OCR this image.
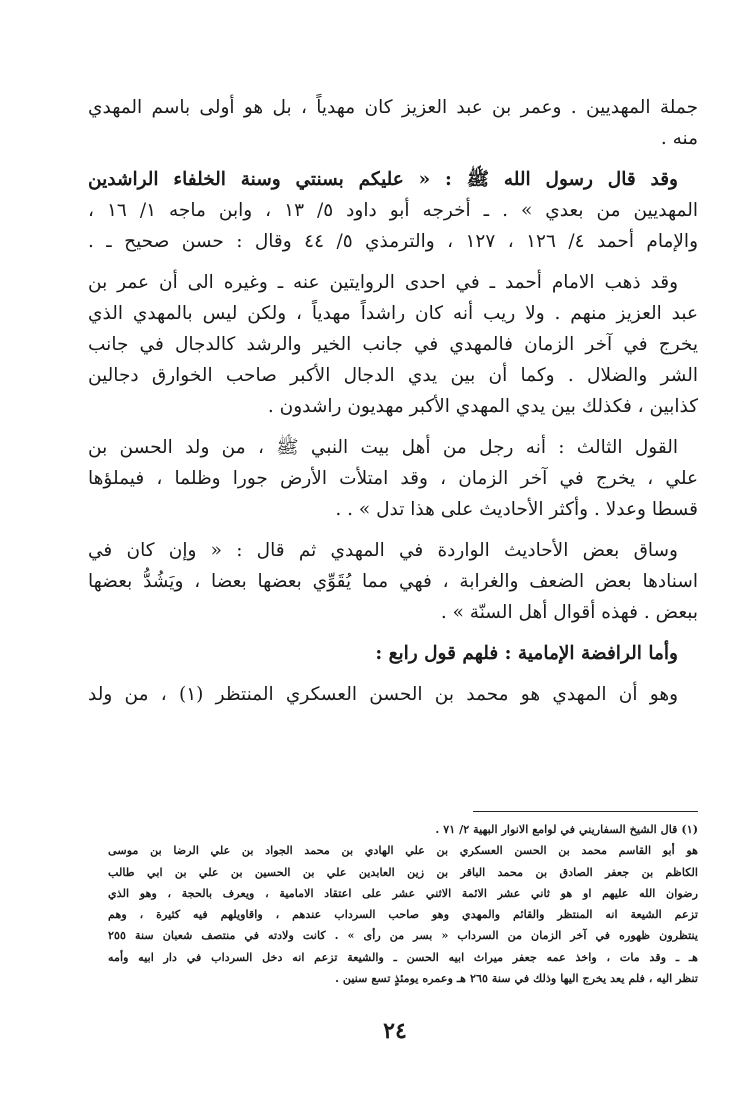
جملة المهديين . وعمر بن عبد العزيز كان مهدياً ، بل هو أولى باسم المهدي
منه .
وقد قال رسول الله ﷺ : « عليكم بسنتي وسنة الخلفاء الراشدين
المهديين من بعدي » . ـ أخرجه أبو داود ٥/ ١٣ ، وابن ماجه ١/ ١٦ ،
والإمام أحمد ٤/ ١٢٦ ، ١٢٧ ، والترمذي ٥/ ٤٤ وقال : حسن صحيح ـ .
وقد ذهب الامام أحمد ـ في احدى الروايتين عنه ـ وغيره الى أن عمر بن
عبد العزيز منهم . ولا ريب أنه كان راشداً مهدياً ، ولكن ليس بالمهدي الذي
يخرج في آخر الزمان فالمهدي في جانب الخير والرشد كالدجال في جانب
الشر والضلال . وكما أن بين يدي الدجال الأكبر صاحب الخوارق دجالين
كذابين ، فكذلك بين يدي المهدي الأكبر مهديون راشدون .
القول الثالث : أنه رجل من أهل بيت النبي ﷺ ، من ولد الحسن بن
علي ، يخرج في آخر الزمان ، وقد امتلأت الأرض جورا وظلما ، فيملؤها
قسطا وعدلا . وأكثر الأحاديث على هذا تدل » . .
وساق بعض الأحاديث الواردة في المهدي ثم قال : « وإن كان في
اسنادها بعض الضعف والغرابة ، فهي مما يُقَوِّي بعضها بعضا ، ويَشُدُّ بعضها
ببعض . فهذه أقوال أهل السنّة » .
وأما الرافضة الإمامية : فلهم قول رابع :
وهو أن المهدي هو محمد بن الحسن العسكري المنتظر (١) ، من ولد
(١) قال الشيخ السفاريني في لوامع الانوار البهية ٢/ ٧١ .
هو أبو القاسم محمد بن الحسن العسكري بن علي الهادي بن محمد الجواد بن علي الرضا بن موسى
الكاظم بن جعفر الصادق بن محمد الباقر بن زين العابدين علي بن الحسين بن علي بن ابي طالب
رضوان الله عليهم او هو ثاني عشر الائمة الاثني عشر على اعتقاد الامامية ، ويعرف بالحجة ، وهو الذي
تزعم الشيعة انه المنتظر والقائم والمهدي وهو صاحب السرداب عندهم ، واقاويلهم فيه كثيرة ، وهم
ينتظرون ظهوره في آخر الزمان من السرداب « بسر من رأى » . كانت ولادته في منتصف شعبان سنة ٢٥٥
هـ ـ وقد مات ، واخذ عمه جعفر ميراث ابيه الحسن ـ والشيعة تزعم انه دخل السرداب في دار ابيه وأمه
تنظر اليه ، فلم يعد يخرج اليها وذلك في سنة ٢٦٥ هـ وعمره يومئذٍ تسع سنين .
٢٤
